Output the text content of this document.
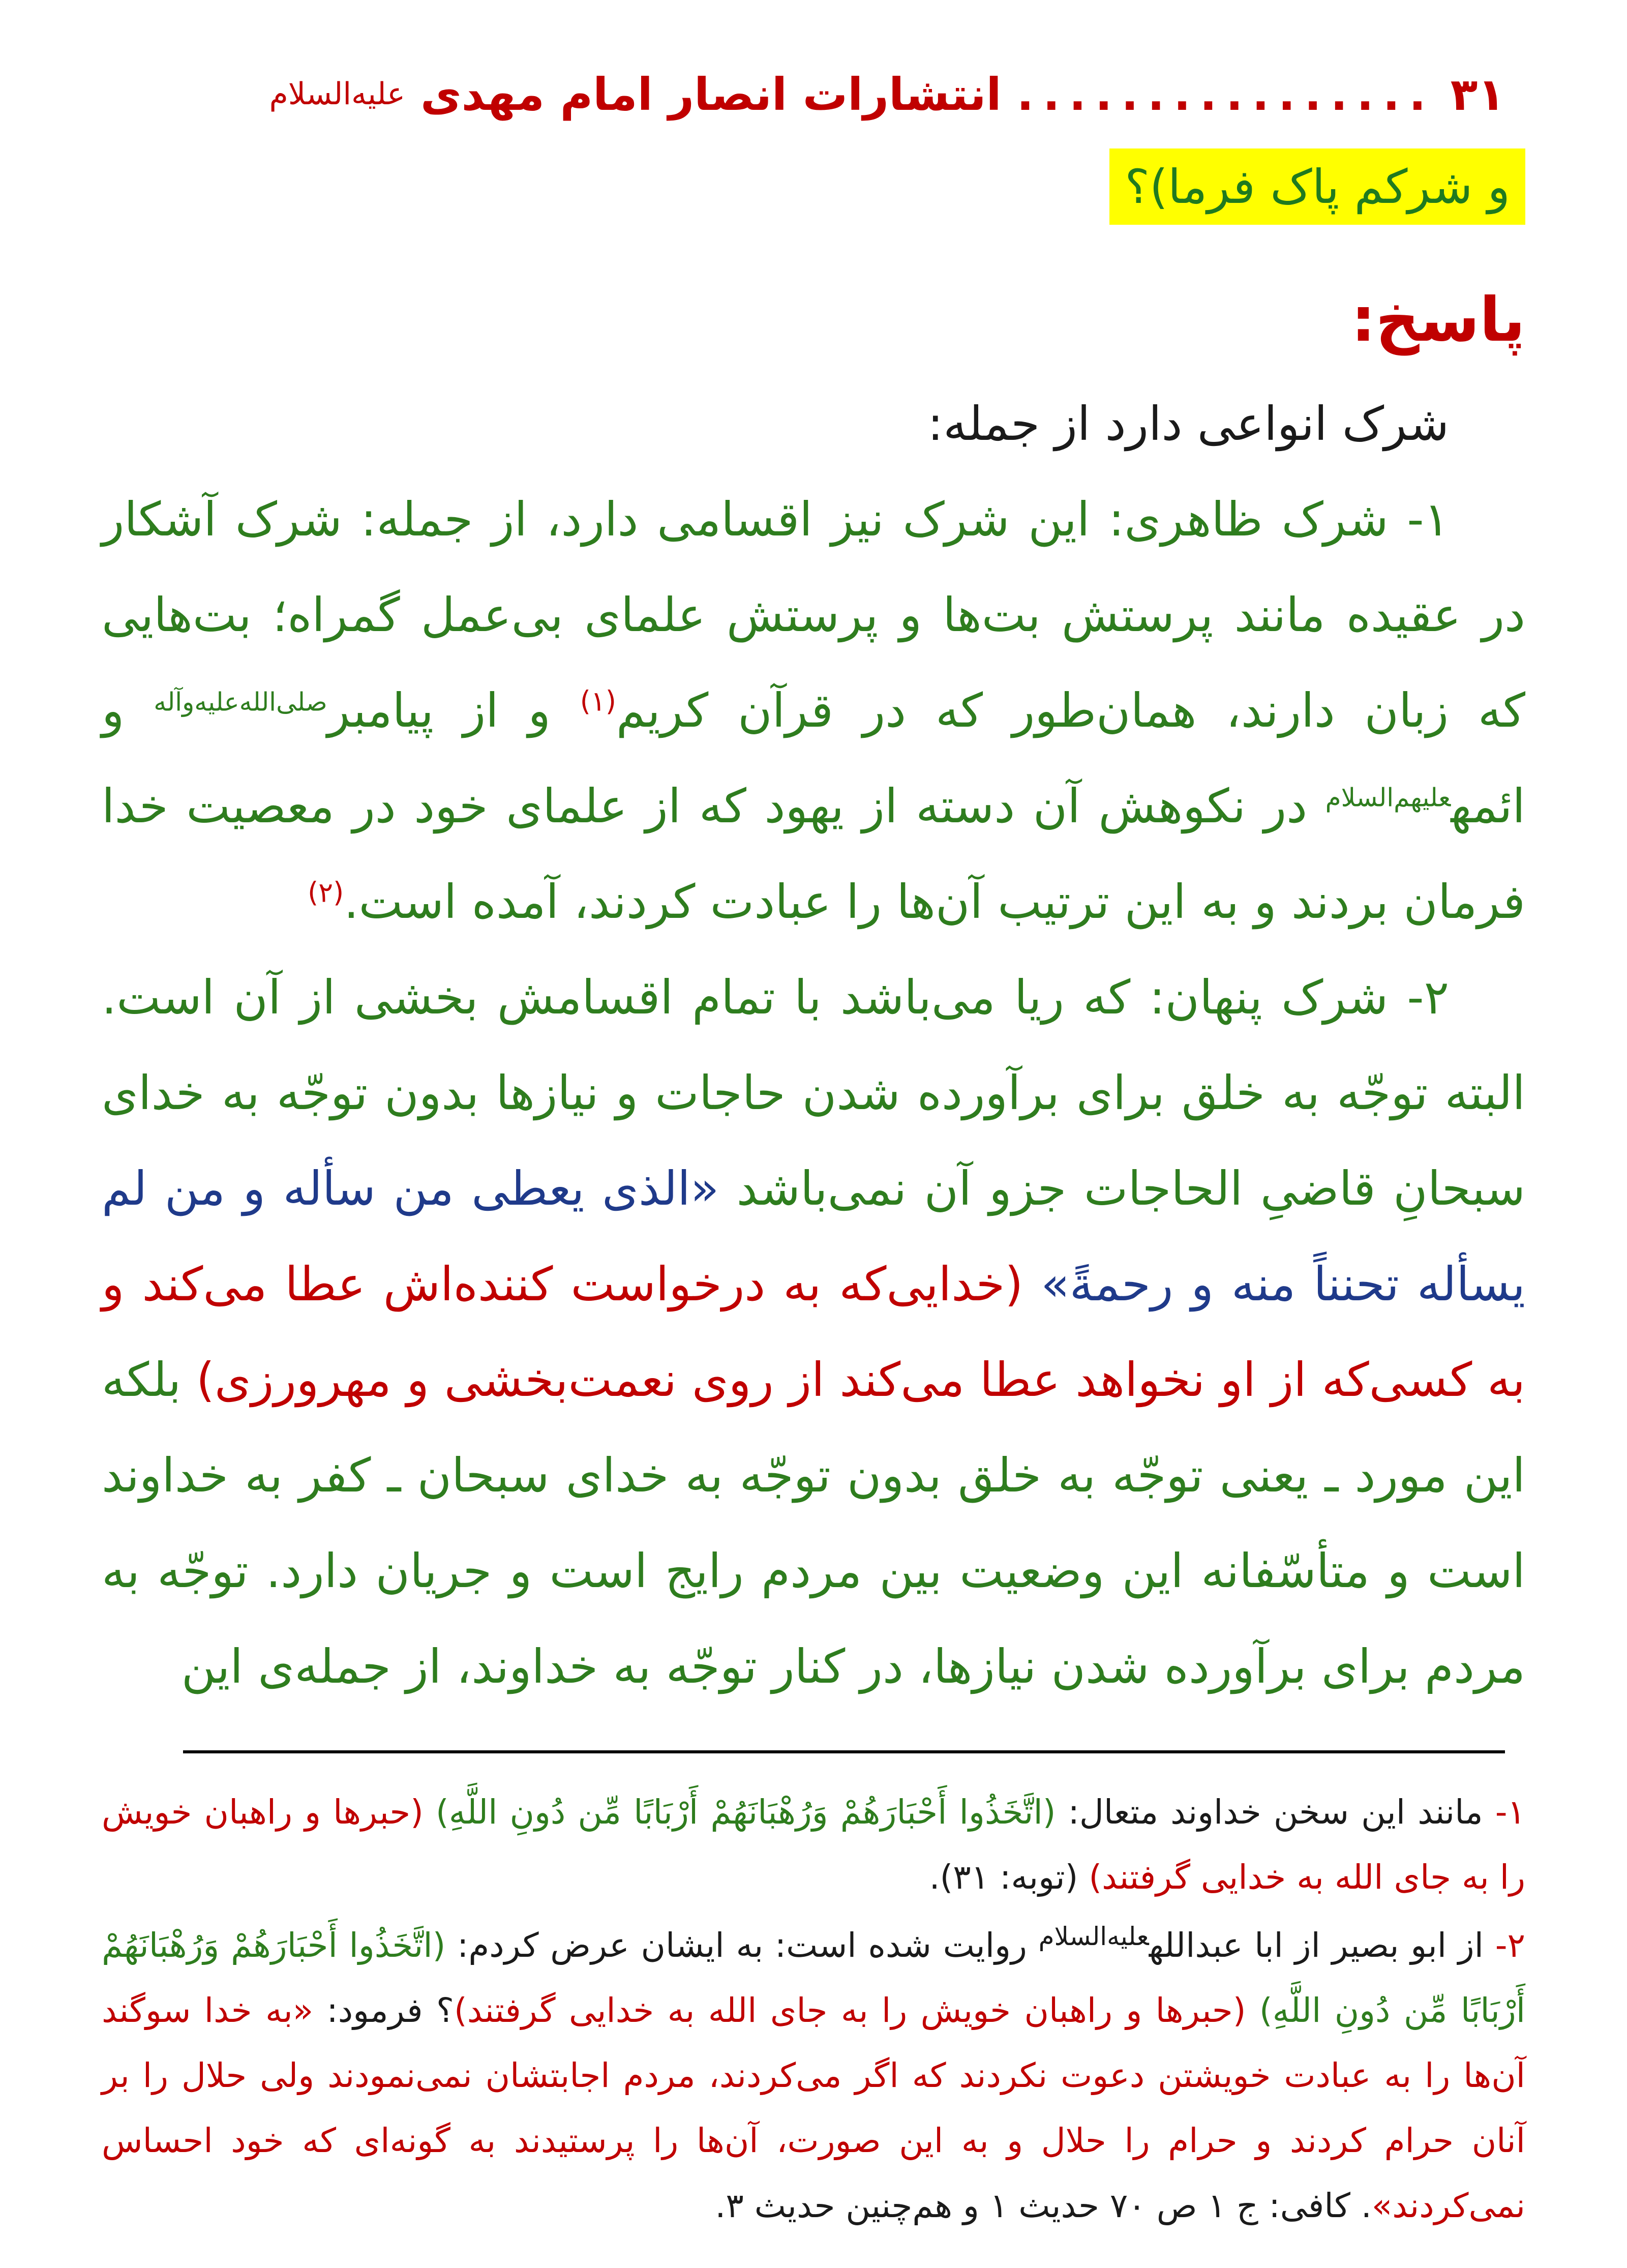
۳۱
................
انتشارات انصار امام مهدی
علیه‌السلام
و شرکم پاک فرما)؟
پاسخ:

شرک انواعی دارد از جمله:

۱- شرک ظاهری: این شرک نیز اقسامی دارد، از جمله: شرک آشکار در عقیده مانند پرستش بت‌ها و پرستش علمای بی‌عمل گمراه؛ بت‌هایی که زبان دارند، همان‌طور که در قرآن کریم$^{(۱)}$ و از پیامبر$^{صلی‌الله‌علیه‌وآله}$ و ائمه$^{علیهم‌السلام}$ در نکوهش آن دسته از یهود که از علمای خود در معصیت خدا فرمان بردند و به این ترتیب آن‌ها را عبادت کردند، آمده است.$^{(۲)}$

۲- شرک پنهان: که ریا می‌باشد با تمام اقسامش بخشی از آن است. البته توجّه به خلق برای برآورده شدن حاجات و نیازها بدون توجّه به خدای سبحانِ قاضیِ الحاجات جزو آن نمی‌باشد «الذی یعطی من سأله و من لم یسأله تحنناً منه و رحمةً» (خدایی‌که به درخواست کننده‌اش عطا می‌کند و به کسی‌که از او نخواهد عطا می‌کند از روی نعمت‌بخشی و مهرورزی) بلکه این مورد ـ یعنی توجّه به خلق بدون توجّه به خدای سبحان ـ کفر به خداوند است و متأسّفانه این وضعیت بین مردم رایج است و جریان دارد. توجّه به مردم برای برآورده شدن نیازها، در کنار توجّه به خداوند، از جمله‌ی این

۱- مانند این سخن خداوند متعال: (اتَّخَذُوا أَحْبَارَهُمْ وَرُهْبَانَهُمْ أَرْبَابًا مِّن دُونِ اللَّهِ) (حبرها و راهبان خویش را به جای الله به خدایی گرفتند) (توبه: ۳۱).

۲- از ابو بصیر از ابا عبدالله$^{علیه‌السلام}$ روایت شده است: به ایشان عرض کردم: (اتَّخَذُوا أَحْبَارَهُمْ وَرُهْبَانَهُمْ أَرْبَابًا مِّن دُونِ اللَّهِ) (حبرها و راهبان خویش را به جای الله به خدایی گرفتند)؟ فرمود: «به خدا سوگند آن‌ها را به عبادت خویشتن دعوت نکردند که اگر می‌کردند، مردم اجابتشان نمی‌نمودند ولی حلال را بر آنان حرام کردند و حرام را حلال و به این صورت، آن‌ها را پرستیدند به گونه‌ای که خود احساس نمی‌کردند». کافی: ج ۱ ص ۷۰ حدیث ۱ و هم‌چنین حدیث ۳.
